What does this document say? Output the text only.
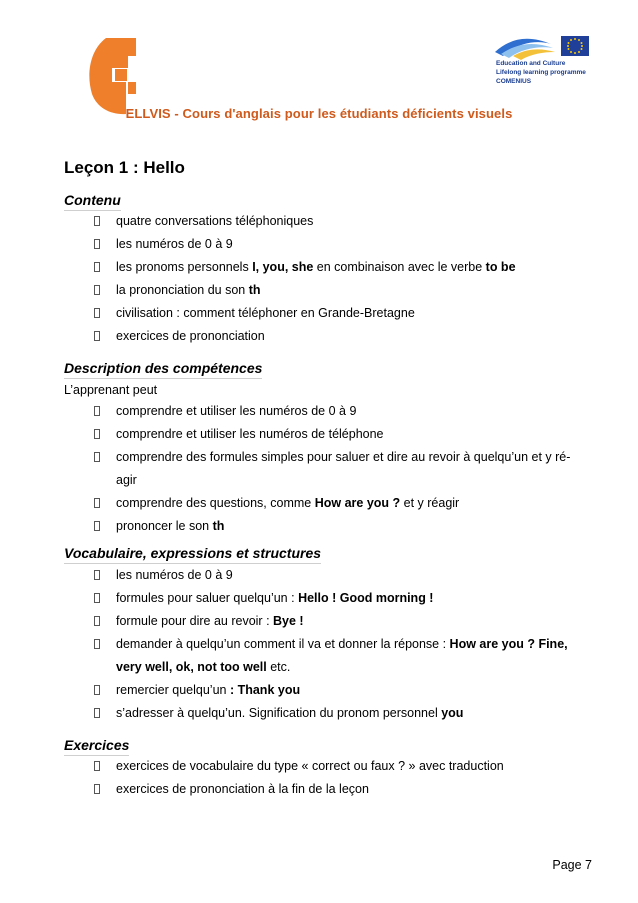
Education and Culture
Lifelong learning programme
COMENIUS
ELLVIS - Cours d'anglais pour les étudiants déficients visuels
Leçon 1 : Hello
Contenu
quatre conversations téléphoniques
les numéros de 0 à 9
les pronoms personnels I, you, she en combinaison avec le verbe to be
la prononciation du son th
civilisation : comment téléphoner en Grande-Bretagne
exercices de prononciation
Description des compétences
L’apprenant peut
comprendre et utiliser les numéros de 0 à 9
comprendre et utiliser les numéros de téléphone
comprendre des formules simples pour saluer et dire au revoir à quelqu’un et y ré-
agir
comprendre des questions, comme How are you ? et y réagir
prononcer le son th
Vocabulaire, expressions et structures
les numéros de 0 à 9
formules pour saluer quelqu’un : Hello ! Good morning !
formule pour dire au revoir : Bye !
demander à quelqu’un comment il va et donner la réponse : How are you ? Fine,
very well, ok, not too well etc.
remercier quelqu’un : Thank you
s’adresser à quelqu’un. Signification du pronom personnel you
Exercices
exercices de vocabulaire du type « correct ou faux ? » avec traduction
exercices de prononciation à la fin de la leçon
Page 7
